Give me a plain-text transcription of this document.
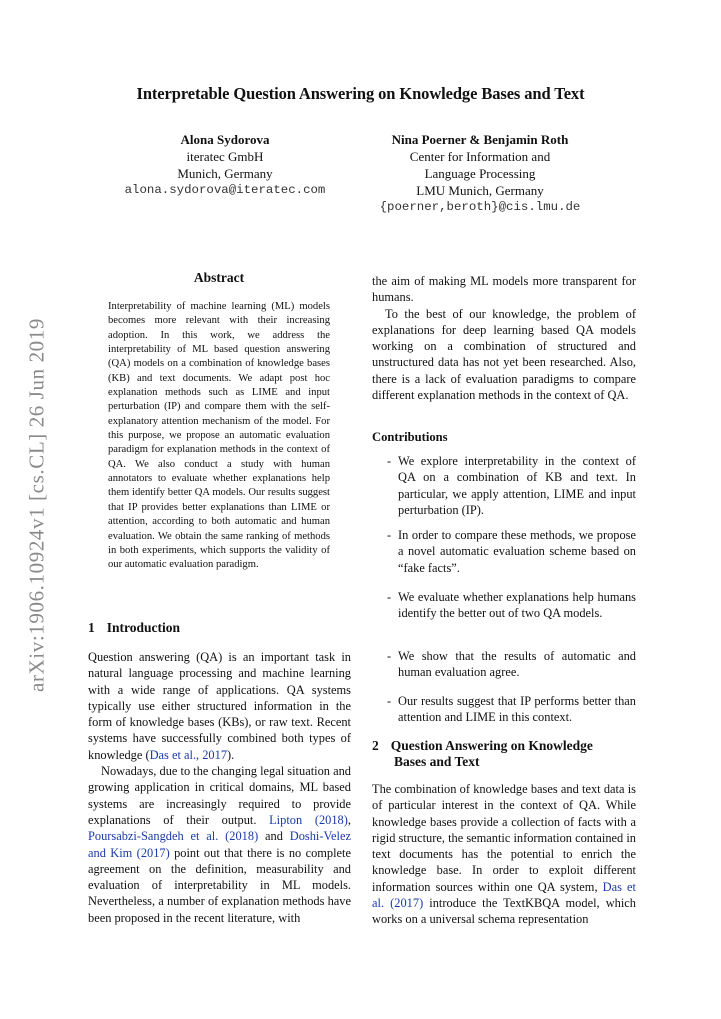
arXiv:1906.10924v1 [cs.CL] 26 Jun 2019
Interpretable Question Answering on Knowledge Bases and Text
Alona Sydorova
iteratec GmbH
Munich, Germany
alona.sydorova@iteratec.com
Nina Poerner & Benjamin Roth
Center for Information and
Language Processing
LMU Munich, Germany
{poerner,beroth}@cis.lmu.de
Abstract
Interpretability of machine learning (ML) models becomes more relevant with their increasing adoption. In this work, we address the interpretability of ML based question answering (QA) models on a combination of knowledge bases (KB) and text documents. We adapt post hoc explanation methods such as LIME and input perturbation (IP) and compare them with the self-explanatory attention mechanism of the model. For this purpose, we propose an automatic evaluation paradigm for explanation methods in the context of QA. We also conduct a study with human annotators to evaluate whether explanations help them identify better QA models. Our results suggest that IP provides better explanations than LIME or attention, according to both automatic and human evaluation. We obtain the same ranking of methods in both experiments, which supports the validity of our automatic evaluation paradigm.
1 Introduction

Question answering (QA) is an important task in natural language processing and machine learning with a wide range of applications. QA systems typically use either structured information in the form of knowledge bases (KBs), or raw text. Recent systems have successfully combined both types of knowledge (Das et al., 2017).

Nowadays, due to the changing legal situation and growing application in critical domains, ML based systems are increasingly required to provide explanations of their output. Lipton (2018), Poursabzi-Sangdeh et al. (2018) and Doshi-Velez and Kim (2017) point out that there is no complete agreement on the definition, measurability and evaluation of interpretability in ML models. Nevertheless, a number of explanation methods have been proposed in the recent literature, with

the aim of making ML models more transparent for humans.

To the best of our knowledge, the problem of explanations for deep learning based QA models working on a combination of structured and unstructured data has not yet been researched. Also, there is a lack of evaluation paradigms to compare different explanation methods in the context of QA.

Contributions
- We explore interpretability in the context of QA on a combination of KB and text. In particular, we apply attention, LIME and input perturbation (IP).
- In order to compare these methods, we propose a novel automatic evaluation scheme based on “fake facts”.
- We evaluate whether explanations help humans identify the better out of two QA models.
- We show that the results of automatic and human evaluation agree.
- Our results suggest that IP performs better than attention and LIME in this context.
2 Question Answering on Knowledge
Bases and Text

The combination of knowledge bases and text data is of particular interest in the context of QA. While knowledge bases provide a collection of facts with a rigid structure, the semantic information contained in text documents has the potential to enrich the knowledge base. In order to exploit different information sources within one QA system, Das et al. (2017) introduce the TextKBQA model, which works on a universal schema representation
